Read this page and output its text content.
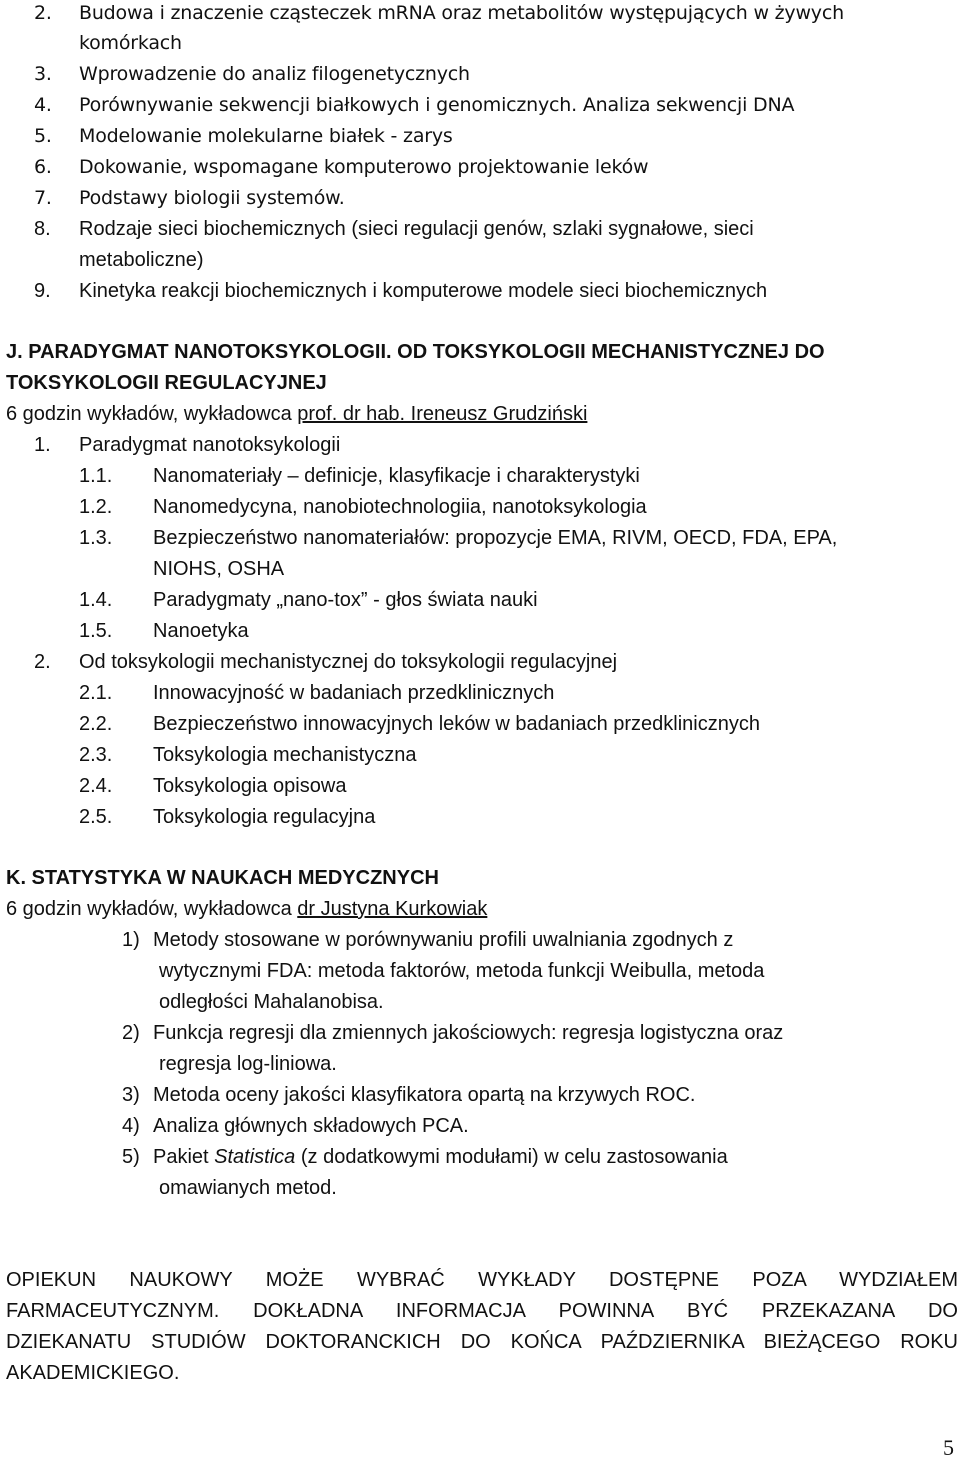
2. Budowa i znaczenie cząsteczek mRNA oraz metabolitów występujących w żywych
komórkach
3. Wprowadzenie do analiz filogenetycznych
4. Porównywanie sekwencji białkowych i genomicznych. Analiza sekwencji DNA
5. Modelowanie molekularne białek - zarys
6. Dokowanie, wspomagane komputerowo projektowanie leków
7. Podstawy biologii systemów.
8. Rodzaje sieci biochemicznych (sieci regulacji genów, szlaki sygnałowe, sieci
metaboliczne)
9. Kinetyka reakcji biochemicznych i komputerowe modele sieci biochemicznych
J. PARADYGMAT NANOTOKSYKOLOGII. OD TOKSYKOLOGII MECHANISTYCZNEJ DO
TOKSYKOLOGII REGULACYJNEJ
6 godzin wykładów, wykładowca prof. dr hab. Ireneusz Grudziński
1. Paradygmat nanotoksykologii
1.1. Nanomateriały – definicje, klasyfikacje i charakterystyki
1.2. Nanomedycyna, nanobiotechnologiia, nanotoksykologia
1.3. Bezpieczeństwo nanomateriałów: propozycje EMA, RIVM, OECD, FDA, EPA,
NIOHS, OSHA
1.4. Paradygmaty „nano-tox” - głos świata nauki
1.5. Nanoetyka
2. Od toksykologii mechanistycznej do toksykologii regulacyjnej
2.1. Innowacyjność w badaniach przedklinicznych
2.2. Bezpieczeństwo innowacyjnych leków w badaniach przedklinicznych
2.3. Toksykologia mechanistyczna
2.4. Toksykologia opisowa
2.5. Toksykologia regulacyjna
K. STATYSTYKA W NAUKACH MEDYCZNYCH
6 godzin wykładów, wykładowca dr Justyna Kurkowiak
1) Metody stosowane w porównywaniu profili uwalniania zgodnych z
wytycznymi FDA: metoda faktorów, metoda funkcji Weibulla, metoda
odległości Mahalanobisa.
2) Funkcja regresji dla zmiennych jakościowych: regresja logistyczna oraz
regresja log-liniowa.
3) Metoda oceny jakości klasyfikatora opartą na krzywych ROC.
4) Analiza głównych składowych PCA.
5) Pakiet Statistica (z dodatkowymi modułami) w celu zastosowania
omawianych metod.
OPIEKUN NAUKOWY MOŻE WYBRAĆ WYKŁADY DOSTĘPNE POZA WYDZIAŁEM
FARMACEUTYCZNYM. DOKŁADNA INFORMACJA POWINNA BYĆ PRZEKAZANA DO
DZIEKANATU STUDIÓW DOKTORANCKICH DO KOŃCA PAŹDZIERNIKA BIEŻĄCEGO ROKU
AKADEMICKIEGO.
5
